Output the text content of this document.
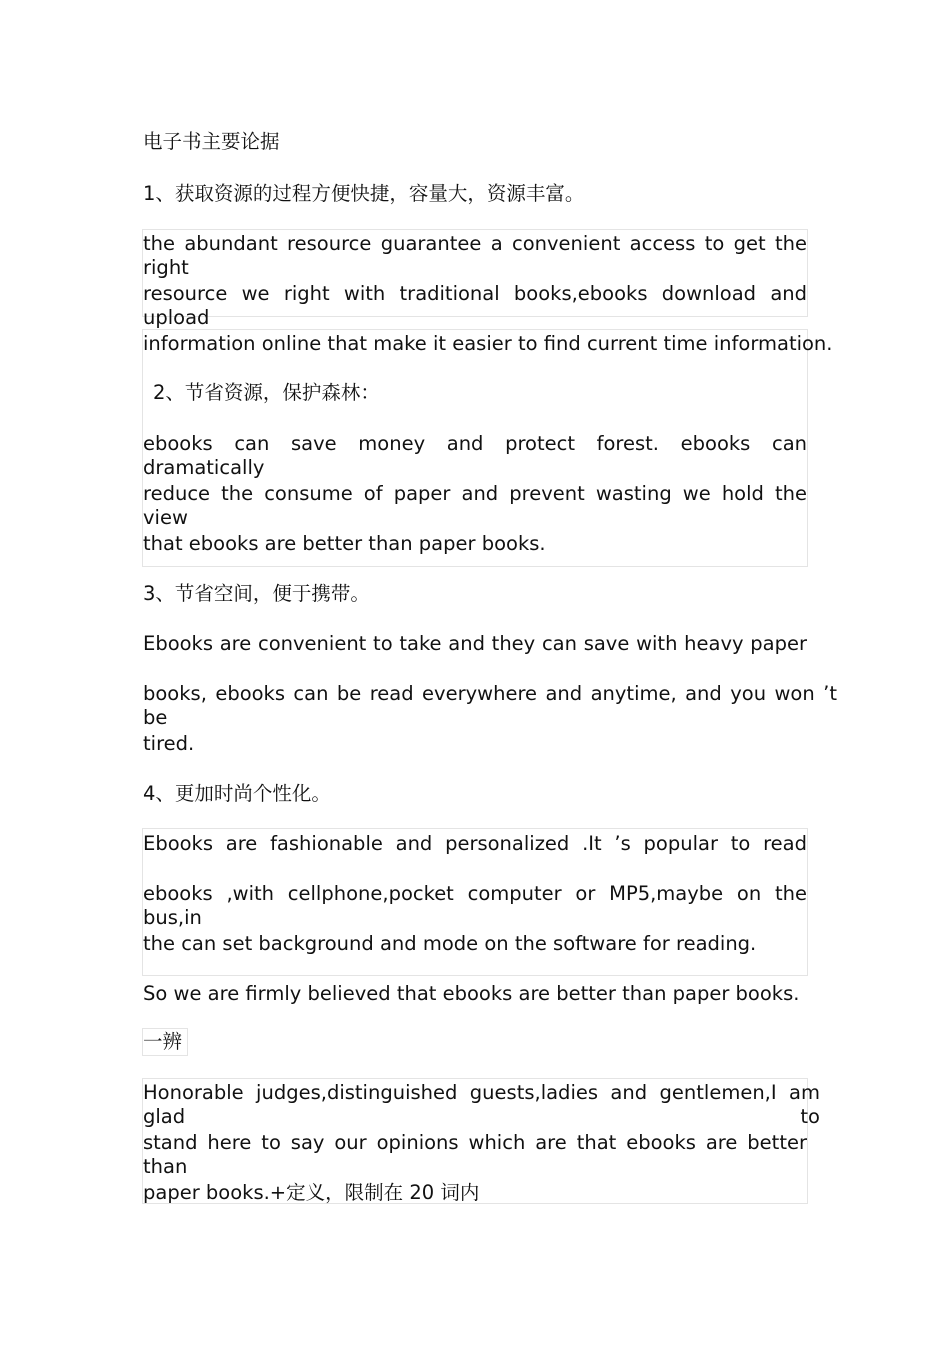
电子书主要论据
1、获取资源的过程方便快捷，容量大，资源丰富。
the abundant resource guarantee a convenient access to get the right
resource we right with traditional books,ebooks download and upload
information online that make it easier to find current time information.
2、节省资源，保护森林：
ebooks can save money and protect forest. ebooks can dramatically
reduce the consume of paper and prevent wasting we hold the view
that ebooks are better than paper books.
3、节省空间，便于携带。
Ebooks are convenient to take and they can save with heavy paper
books, ebooks can be read everywhere and anytime, and you won ’t be
tired.
4、更加时尚个性化。
Ebooks are fashionable and personalized .It ’s popular to read
ebooks ,with cellphone,pocket computer or MP5,maybe on the bus,in
the can set background and mode on the software for reading.
So we are firmly believed that ebooks are better than paper books.
一辨
Honorable judges,distinguished guests,ladies and gentlemen,I am glad to
stand here to say our opinions which are that ebooks are better than
paper books.+定义，限制在 20 词内
